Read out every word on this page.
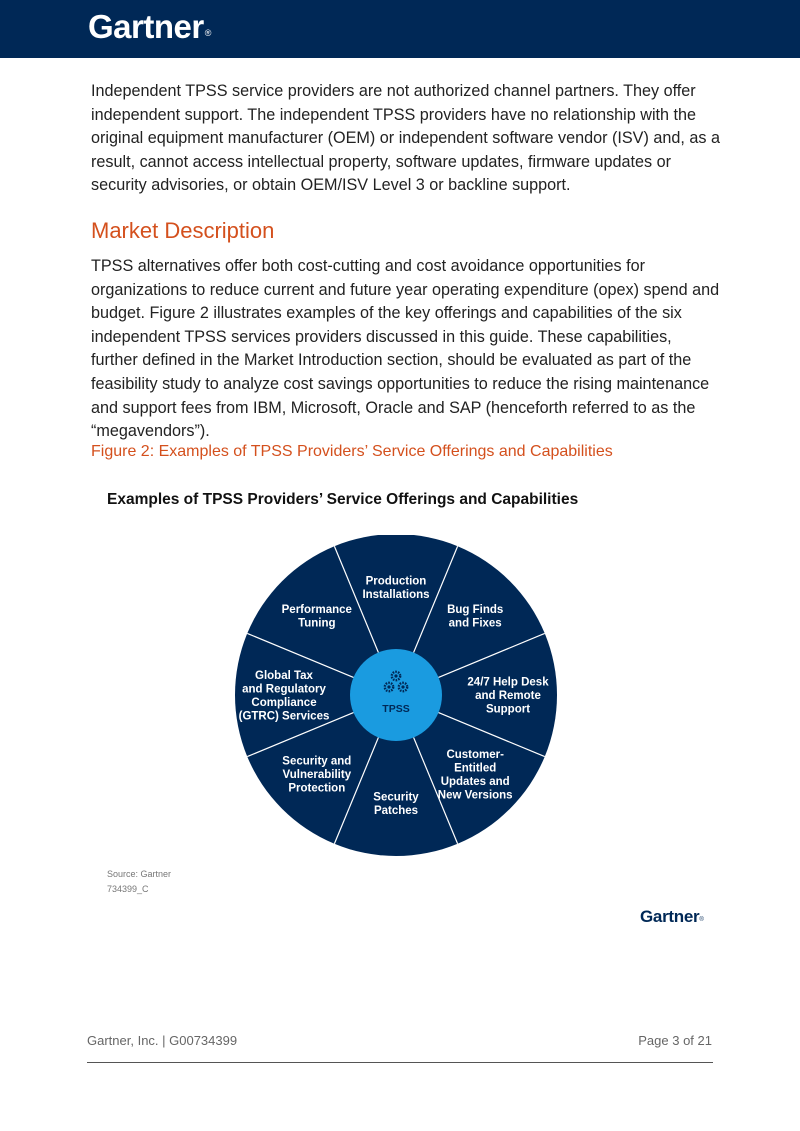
Gartner®

Independent TPSS service providers are not authorized channel partners. They offer independent support. The independent TPSS providers have no relationship with the original equipment manufacturer (OEM) or independent software vendor (ISV) and, as a result, cannot access intellectual property, software updates, firmware updates or security advisories, or obtain OEM/ISV Level 3 or backline support.

Market Description

TPSS alternatives offer both cost-cutting and cost avoidance opportunities for organizations to reduce current and future year operating expenditure (opex) spend and budget. Figure 2 illustrates examples of the key offerings and capabilities of the six independent TPSS services providers discussed in this guide. These capabilities, further defined in the Market Introduction section, should be evaluated as part of the feasibility study to analyze cost savings opportunities to reduce the rising maintenance and support fees from IBM, Microsoft, Oracle and SAP (henceforth referred to as the “megavendors”).

Figure 2: Examples of TPSS Providers’ Service Offerings and Capabilities

Examples of TPSS Providers’ Service Offerings and Capabilities

TPSS
Production Installations
Bug Finds and Fixes
24/7 Help Desk and Remote Support
Customer-Entitled Updates and New Versions
Security Patches
Security and Vulnerability Protection
Global Tax and Regulatory Compliance (GTRC) Services
Performance Tuning
Source: Gartner
734399_C
Gartner®
Gartner, Inc. | G00734399	Page 3 of 21
